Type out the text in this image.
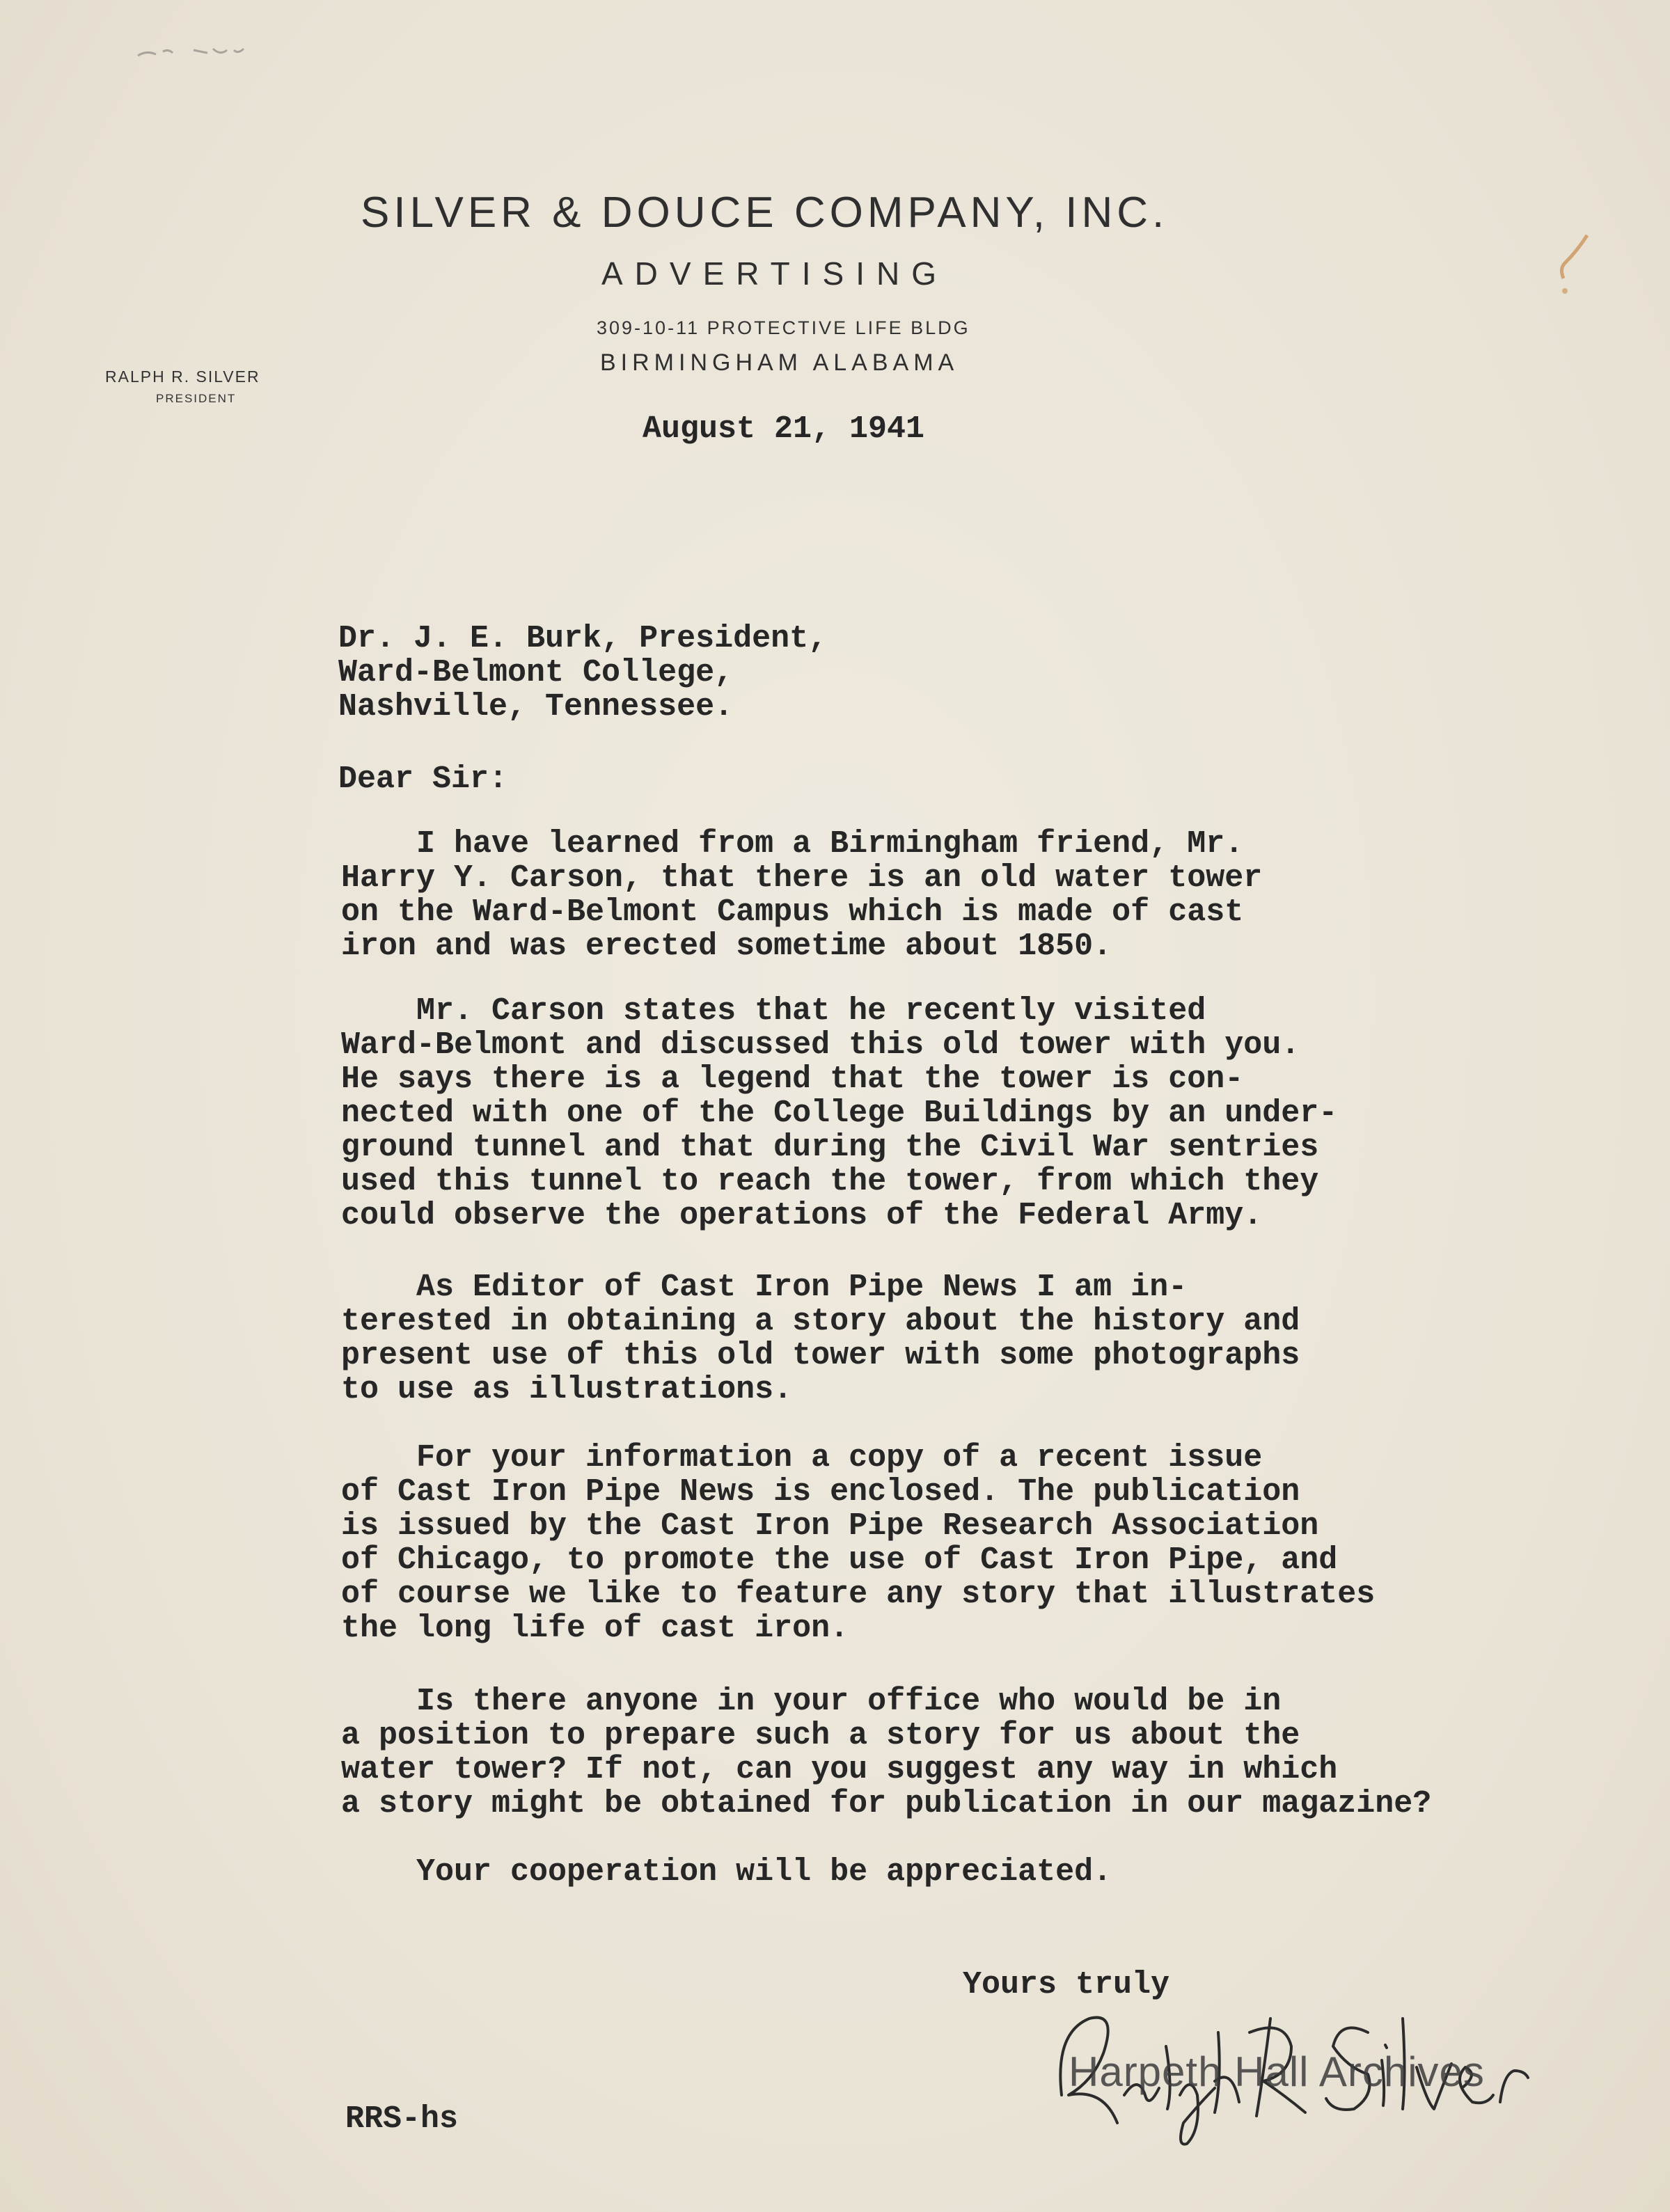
SILVER & DOUCE COMPANY, INC.
ADVERTISING
309-10-11 PROTECTIVE LIFE BLDG
BIRMINGHAM ALABAMA
RALPH R. SILVER
PRESIDENT
August 21, 1941
Dr. J. E. Burk, President,
Ward-Belmont College,
Nashville, Tennessee.
Dear Sir:
I have learned from a Birmingham friend, Mr.
Harry Y. Carson, that there is an old water tower
on the Ward-Belmont Campus which is made of cast
iron and was erected sometime about 1850.
Mr. Carson states that he recently visited
Ward-Belmont and discussed this old tower with you.
He says there is a legend that the tower is con-
nected with one of the College Buildings by an under-
ground tunnel and that during the Civil War sentries
used this tunnel to reach the tower, from which they
could observe the operations of the Federal Army.
As Editor of Cast Iron Pipe News I am in-
terested in obtaining a story about the history and
present use of this old tower with some photographs
to use as illustrations.
For your information a copy of a recent issue
of Cast Iron Pipe News is enclosed. The publication
is issued by the Cast Iron Pipe Research Association
of Chicago, to promote the use of Cast Iron Pipe, and
of course we like to feature any story that illustrates
the long life of cast iron.
Is there anyone in your office who would be in
a position to prepare such a story for us about the
water tower? If not, can you suggest any way in which
a story might be obtained for publication in our magazine?
Your cooperation will be appreciated.
Yours truly
Harpeth Hall Archives
RRS-hs
